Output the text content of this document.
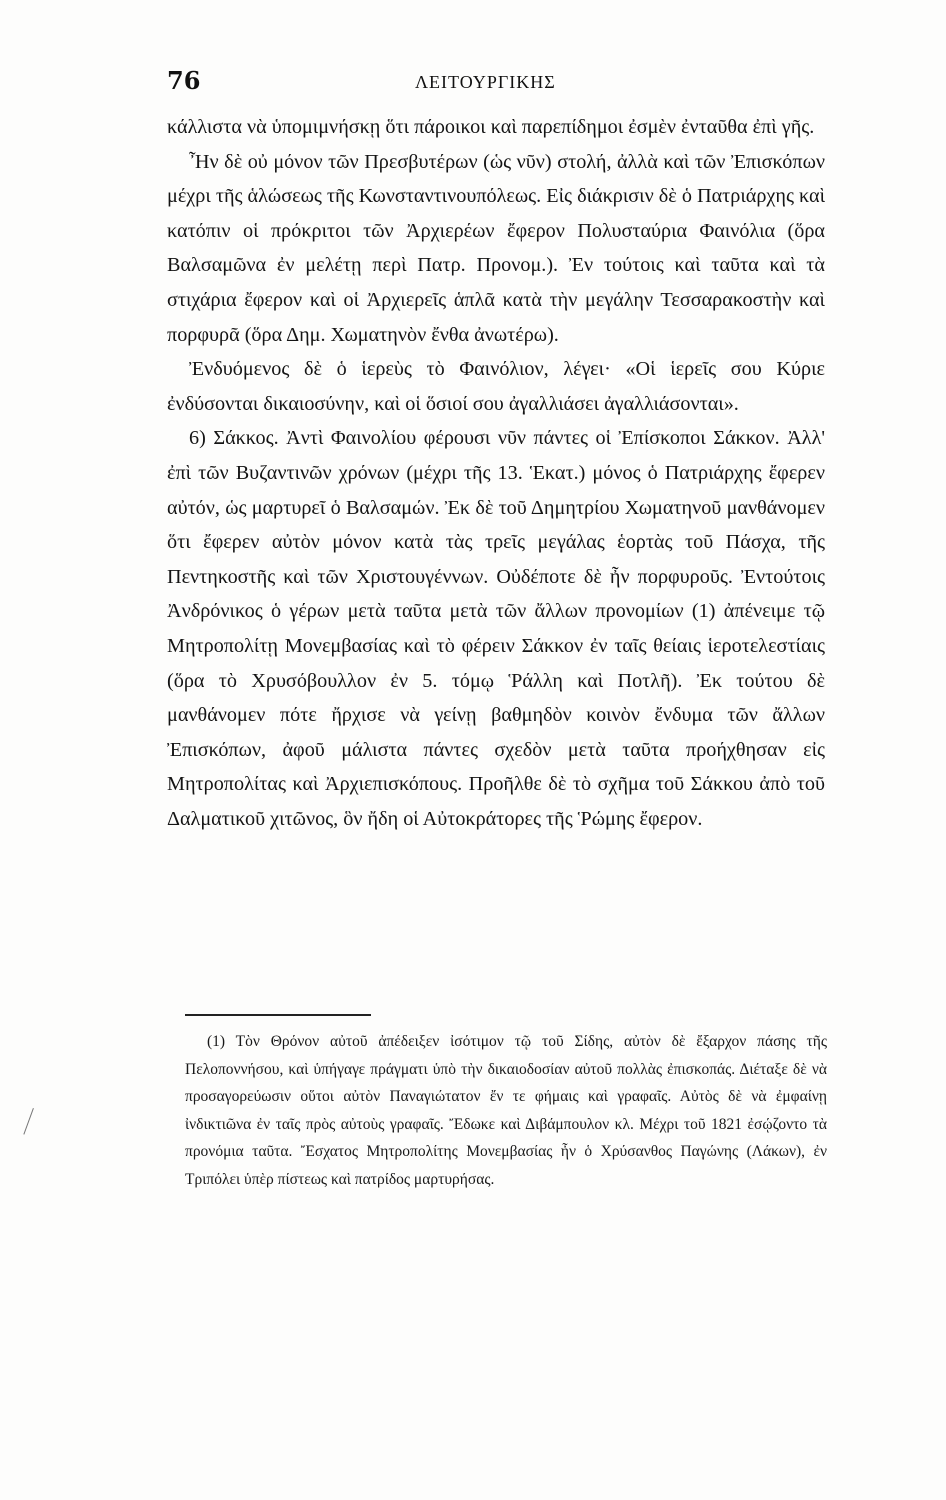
76	ΛΕΙΤΟΥΡΓΙΚΗΣ

κάλλιστα νὰ ὑπομιμνήσκῃ ὅτι πάροικοι καὶ παρεπίδημοι ἐσμὲν ἐνταῦθα ἐπὶ γῆς.

Ἦν δὲ οὐ μόνον τῶν Πρεσβυτέρων (ὡς νῦν) στολή, ἀλλὰ καὶ τῶν Ἐπισκόπων μέχρι τῆς ἁλώσεως τῆς Κωνσταντινουπόλεως. Εἰς διάκρισιν δὲ ὁ Πατριάρχης καὶ κατόπιν οἱ πρόκριτοι τῶν Ἀρχιερέων ἔφερον Πολυσταύρια Φαινόλια (ὅρα Βαλσαμῶνα ἐν μελέτῃ περὶ Πατρ. Προνομ.). Ἐν τούτοις καὶ ταῦτα καὶ τὰ στιχάρια ἔφερον καὶ οἱ Ἀρχιερεῖς ἁπλᾶ κατὰ τὴν μεγάλην Τεσσαρακοστὴν καὶ πορφυρᾶ (ὅρα Δημ. Χωματηνὸν ἔνθα ἀνωτέρω).

Ἐνδυόμενος δὲ ὁ ἱερεὺς τὸ Φαινόλιον, λέγει· «Οἱ ἱερεῖς σου Κύριε ἐνδύσονται δικαιοσύνην, καὶ οἱ ὅσιοί σου ἀγαλλιάσει ἀγαλλιάσονται».

6) Σάκκος. Ἀντὶ Φαινολίου φέρουσι νῦν πάντες οἱ Ἐπίσκοποι Σάκκον. Ἀλλ' ἐπὶ τῶν Βυζαντινῶν χρόνων (μέχρι τῆς 13. Ἑκατ.) μόνος ὁ Πατριάρχης ἔφερεν αὐτόν, ὡς μαρτυρεῖ ὁ Βαλσαμών. Ἐκ δὲ τοῦ Δημητρίου Χωματηνοῦ μανθάνομεν ὅτι ἔφερεν αὐτὸν μόνον κατὰ τὰς τρεῖς μεγάλας ἑορτὰς τοῦ Πάσχα, τῆς Πεντηκοστῆς καὶ τῶν Χριστουγέννων. Οὐδέποτε δὲ ἦν πορφυροῦς. Ἐντούτοις Ἀνδρόνικος ὁ γέρων μετὰ ταῦτα μετὰ τῶν ἄλλων προνομίων (1) ἀπένειμε τῷ Μητροπολίτῃ Μονεμβασίας καὶ τὸ φέρειν Σάκκον ἐν ταῖς θείαις ἱεροτελεστίαις (ὅρα τὸ Χρυσόβουλλον ἐν 5. τόμῳ Ῥάλλη καὶ Ποτλῆ). Ἐκ τούτου δὲ μανθάνομεν πότε ἤρχισε νὰ γείνῃ βαθμηδὸν κοινὸν ἔνδυμα τῶν ἄλλων Ἐπισκόπων, ἀφοῦ μάλιστα πάντες σχεδὸν μετὰ ταῦτα προήχθησαν εἰς Μητροπολίτας καὶ Ἀρχιεπισκόπους. Προῆλθε δὲ τὸ σχῆμα τοῦ Σάκκου ἀπὸ τοῦ Δαλματικοῦ χιτῶνος, ὃν ἤδη οἱ Αὐτοκράτορες τῆς Ῥώμης ἔφερον.

(1) Τὸν Θρόνον αὐτοῦ ἀπέδειξεν ἰσότιμον τῷ τοῦ Σίδης, αὐτὸν δὲ ἔξαρχον πάσης τῆς Πελοποννήσου, καὶ ὑπήγαγε πράγματι ὑπὸ τὴν δικαιοδοσίαν αὐτοῦ πολλὰς ἐπισκοπάς. Διέταξε δὲ νὰ προσαγορεύωσιν οὕτοι αὐτὸν Παναγιώτατον ἔν τε φήμαις καὶ γραφαῖς. Αὐτὸς δὲ νὰ ἐμφαίνῃ ἰνδικτιῶνα ἐν ταῖς πρὸς αὐτοὺς γραφαῖς. Ἔδωκε καὶ Διβάμπουλον κλ. Μέχρι τοῦ 1821 ἐσῴζοντο τὰ προνόμια ταῦτα. Ἔσχατος Μητροπολίτης Μονεμβασίας ἦν ὁ Χρύσανθος Παγώνης (Λάκων), ἐν Τριπόλει ὑπὲρ πίστεως καὶ πατρίδος μαρτυρήσας.
